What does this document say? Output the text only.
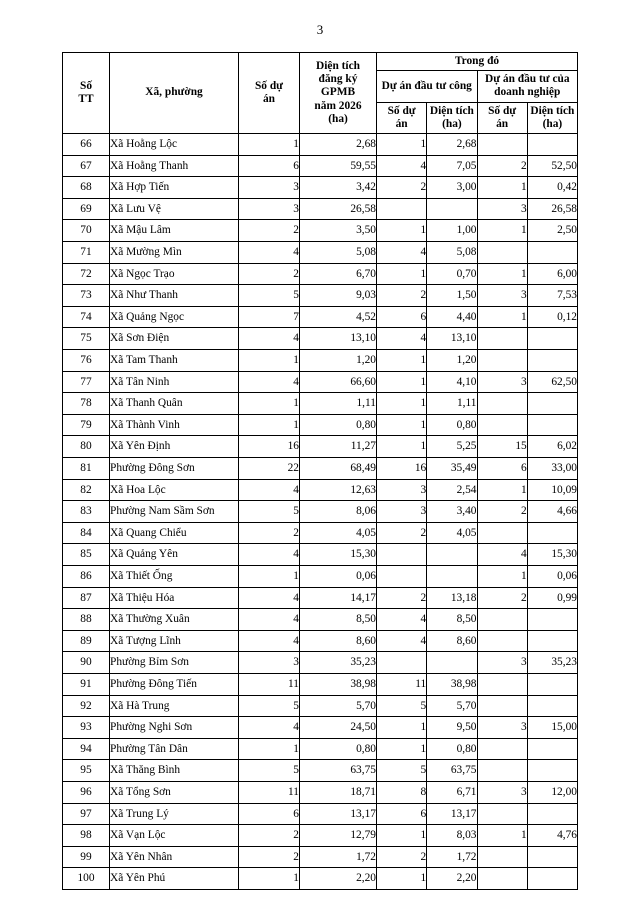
3
Số
TT
	Xã, phường	
Số dự
án

Diện tích
đăng ký
GPMB
năm 2026
(ha)
	Trong đó
				Dự án đầu tư công		Dự án đầu tư của
doanh nghiệp	

Số dự
án

Diện tích
(ha)

Số dự
án

Diện tích
(ha)

66	Xã Hoằng Lộc	1	2,68	1	2,68		
67	Xã Hoằng Thanh	6	59,55	4	7,05	2	52,50
68	Xã Hợp Tiến	3	3,42	2	3,00	1	0,42
69	Xã Lưu Vệ	3	26,58			3	26,58
70	Xã Mậu Lâm	2	3,50	1	1,00	1	2,50
71	Xã Mường Mìn	4	5,08	4	5,08		
72	Xã Ngọc Trạo	2	6,70	1	0,70	1	6,00
73	Xã Như Thanh	5	9,03	2	1,50	3	7,53
74	Xã Quảng Ngọc	7	4,52	6	4,40	1	0,12
75	Xã Sơn Điện	4	13,10	4	13,10		
76	Xã Tam Thanh	1	1,20	1	1,20		
77	Xã Tân Ninh	4	66,60	1	4,10	3	62,50
78	Xã Thanh Quân	1	1,11	1	1,11		
79	Xã Thành Vinh	1	0,80	1	0,80		
80	Xã Yên Định	16	11,27	1	5,25	15	6,02
81	Phường Đông Sơn	22	68,49	16	35,49	6	33,00
82	Xã Hoa Lộc	4	12,63	3	2,54	1	10,09
83	Phường Nam Sầm Sơn	5	8,06	3	3,40	2	4,66
84	Xã Quang Chiểu	2	4,05	2	4,05		
85	Xã Quảng Yên	4	15,30			4	15,30
86	Xã Thiết Ống	1	0,06			1	0,06
87	Xã Thiệu Hóa	4	14,17	2	13,18	2	0,99
88	Xã Thường Xuân	4	8,50	4	8,50		
89	Xã Tượng Lĩnh	4	8,60	4	8,60		
90	Phường Bỉm Sơn	3	35,23			3	35,23
91	Phường Đông Tiến	11	38,98	11	38,98		
92	Xã Hà Trung	5	5,70	5	5,70		
93	Phường Nghi Sơn	4	24,50	1	9,50	3	15,00
94	Phường Tân Dân	1	0,80	1	0,80		
95	Xã Thăng Bình	5	63,75	5	63,75		
96	Xã Tổng Sơn	11	18,71	8	6,71	3	12,00
97	Xã Trung Lý	6	13,17	6	13,17		
98	Xã Vạn Lộc	2	12,79	1	8,03	1	4,76
99	Xã Yên Nhân	2	1,72	2	1,72		
100	Xã Yên Phú	1	2,20	1	2,20		
